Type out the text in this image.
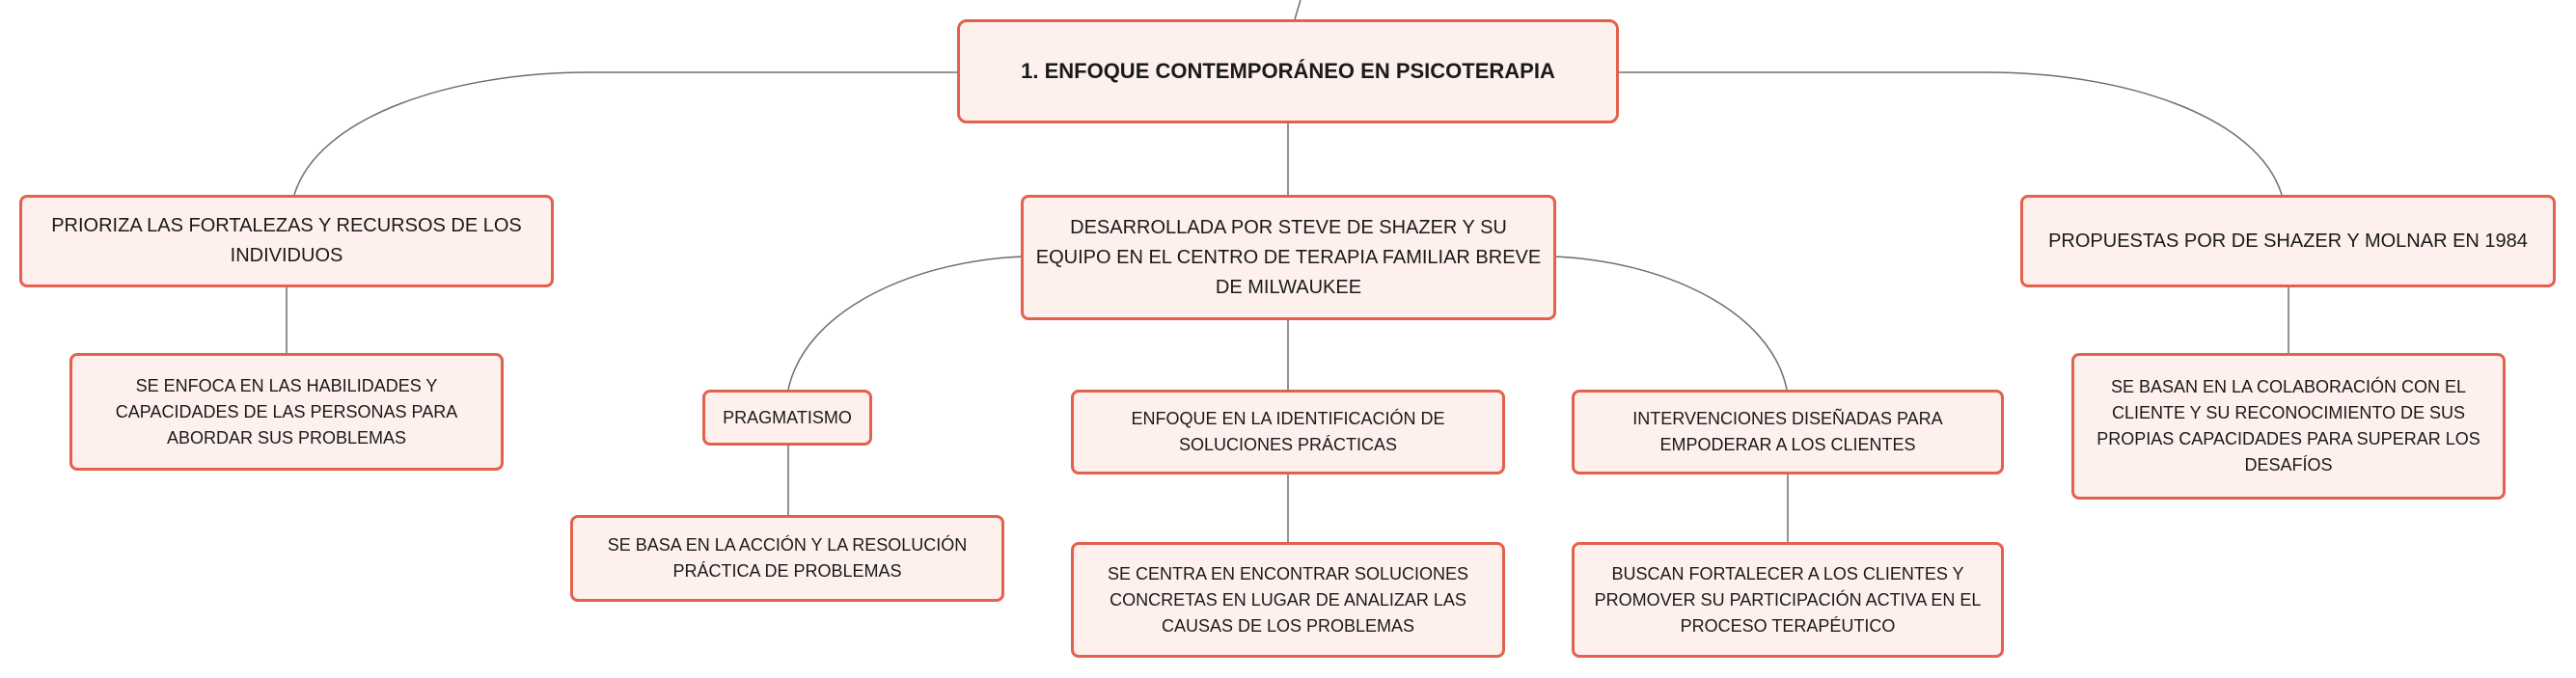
1. ENFOQUE CONTEMPORÁNEO EN PSICOTERAPIA
PRIORIZA LAS FORTALEZAS Y RECURSOS DE LOS INDIVIDUOS
SE ENFOCA EN LAS HABILIDADES Y CAPACIDADES DE LAS PERSONAS PARA ABORDAR SUS PROBLEMAS
DESARROLLADA POR STEVE DE SHAZER Y SU EQUIPO EN EL CENTRO DE TERAPIA FAMILIAR BREVE DE MILWAUKEE
PRAGMATISMO
SE BASA EN LA ACCIÓN Y LA RESOLUCIÓN PRÁCTICA DE PROBLEMAS
ENFOQUE EN LA IDENTIFICACIÓN DE SOLUCIONES PRÁCTICAS
SE CENTRA EN ENCONTRAR SOLUCIONES CONCRETAS EN LUGAR DE ANALIZAR LAS CAUSAS DE LOS PROBLEMAS
INTERVENCIONES DISEÑADAS PARA EMPODERAR A LOS CLIENTES
BUSCAN FORTALECER A LOS CLIENTES Y PROMOVER SU PARTICIPACIÓN ACTIVA EN EL PROCESO TERAPÉUTICO
PROPUESTAS POR DE SHAZER Y MOLNAR EN 1984
SE BASAN EN LA COLABORACIÓN CON EL CLIENTE Y SU RECONOCIMIENTO DE SUS PROPIAS CAPACIDADES PARA SUPERAR LOS DESAFÍOS
